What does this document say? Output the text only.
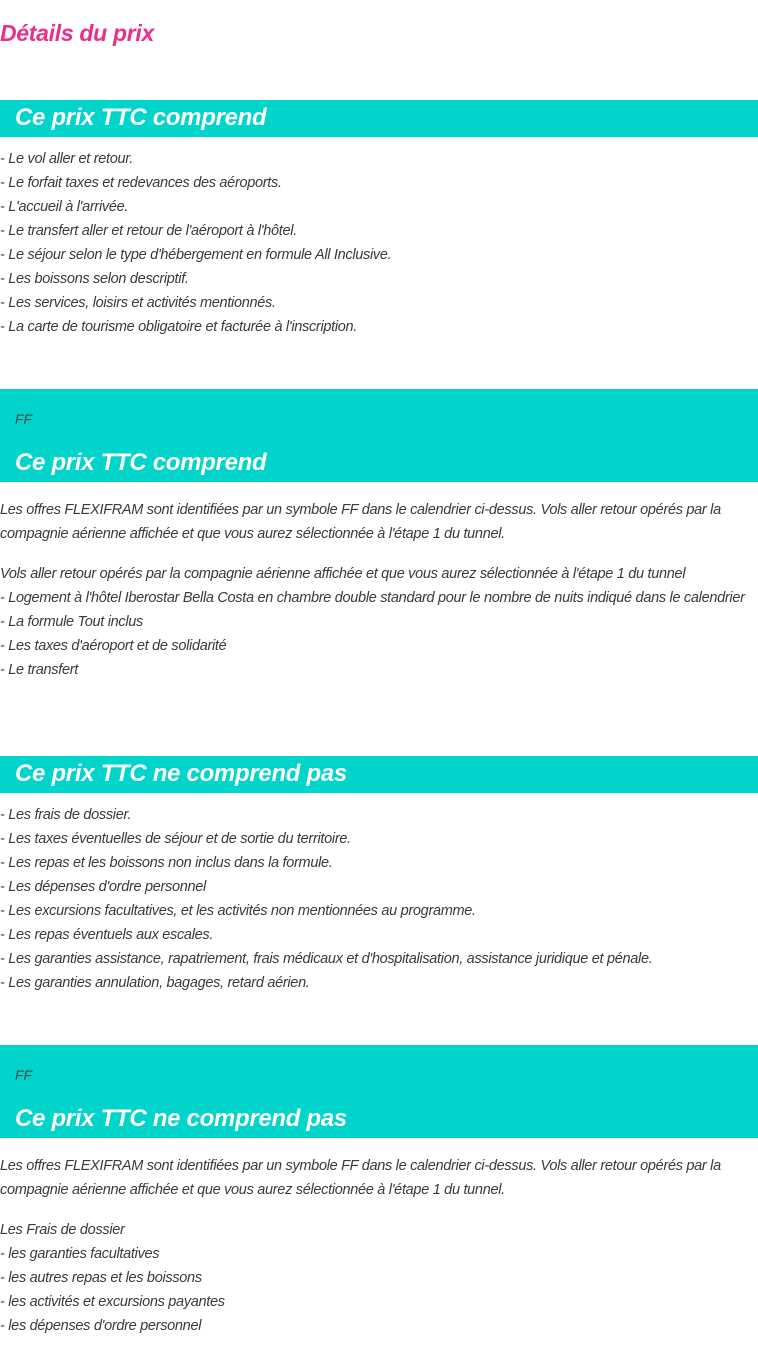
Détails du prix
Ce prix TTC comprend
- Le vol aller et retour.
- Le forfait taxes et redevances des aéroports.
- L'accueil à l'arrivée.
- Le transfert aller et retour de l'aéroport à l'hôtel.
- Le séjour selon le type d'hébergement en formule All Inclusive.
- Les boissons selon descriptif.
- Les services, loisirs et activités mentionnés.
- La carte de tourisme obligatoire et facturée à l'inscription.

FF

Ce prix TTC comprend

Les offres FLEXIFRAM sont identifiées par un symbole FF dans le calendrier ci-dessus. Vols aller retour opérés par la compagnie aérienne affichée et que vous aurez sélectionnée à l'étape 1 du tunnel.

Vols aller retour opérés par la compagnie aérienne affichée et que vous aurez sélectionnée à l'étape 1 du tunnel
- Logement à l'hôtel Iberostar Bella Costa en chambre double standard pour le nombre de nuits indiqué dans le calendrier
- La formule Tout inclus
- Les taxes d'aéroport et de solidarité
- Le transfert
Ce prix TTC ne comprend pas
- Les frais de dossier.
- Les taxes éventuelles de séjour et de sortie du territoire.
- Les repas et les boissons non inclus dans la formule.
- Les dépenses d'ordre personnel
- Les excursions facultatives, et les activités non mentionnées au programme.
- Les repas éventuels aux escales.
- Les garanties assistance, rapatriement, frais médicaux et d'hospitalisation, assistance juridique et pénale.
- Les garanties annulation, bagages, retard aérien.

FF

Ce prix TTC ne comprend pas

Les offres FLEXIFRAM sont identifiées par un symbole FF dans le calendrier ci-dessus. Vols aller retour opérés par la compagnie aérienne affichée et que vous aurez sélectionnée à l'étape 1 du tunnel.

Les Frais de dossier
- les garanties facultatives
- les autres repas et les boissons
- les activités et excursions payantes
- les dépenses d'ordre personnel
